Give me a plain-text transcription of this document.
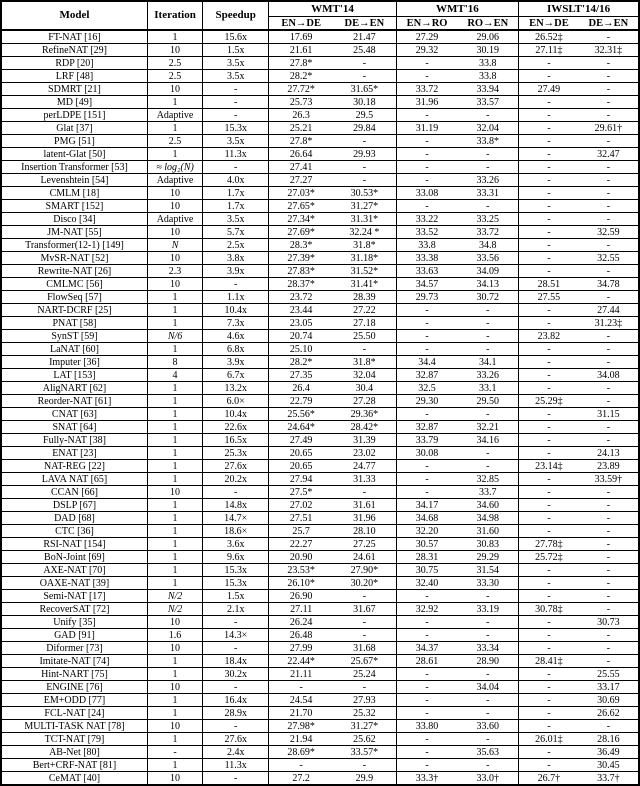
Model	Iteration	Speedup	WMT'14		WMT'16		IWSLT'14/16	
			EN→DE	DE→EN	EN→RO	RO→EN	EN→DE	DE→EN
FT-NAT [16]	1	15.6x	17.69	21.47	27.29	29.06	26.52‡	-
RefineNAT [29]	10	1.5x	21.61	25.48	29.32	30.19	27.11‡	32.31‡
RDP [20]	2.5	3.5x	27.8*	-	-	33.8	-	-
LRF [48]	2.5	3.5x	28.2*	-	-	33.8	-	-
SDMRT [21]	10	-	27.72*	31.65*	33.72	33.94	27.49	-
MD [49]	1	-	25.73	30.18	31.96	33.57	-	-
perLDPE [151]	Adaptive	-	26.3	29.5	-	-	-	-
Glat [37]	1	15.3x	25.21	29.84	31.19	32.04	-	29.61†
PMG [51]	2.5	3.5x	27.8*	-	-	33.8*	-	-
latent-Glat [50]	1	11.3x	26.64	29.93	-	-	-	32.47
Insertion Transformer [53]	≈ log₂(N)	-	27.41	-	-	-	-	-
Levenshtein [54]	Adaptive	4.0x	27.27	-	-	33.26	-	-
CMLM [18]	10	1.7x	27.03*	30.53*	33.08	33.31	-	-
SMART [152]	10	1.7x	27.65*	31.27*	-	-	-	-
Disco [34]	Adaptive	3.5x	27.34*	31.31*	33.22	33.25	-	-
JM-NAT [55]	10	5.7x	27.69*	32.24 *	33.52	33.72	-	32.59
Transformer(12-1) [149]	N	2.5x	28.3*	31.8*	33.8	34.8	-	-
MvSR-NAT [52]	10	3.8x	27.39*	31.18*	33.38	33.56	-	32.55
Rewrite-NAT [26]	2.3	3.9x	27.83*	31.52*	33.63	34.09	-	-
CMLMC [56]	10	-	28.37*	31.41*	34.57	34.13	28.51	34.78
FlowSeq [57]	1	1.1x	23.72	28.39	29.73	30.72	27.55	-
NART-DCRF [25]	1	10.4x	23.44	27.22	-	-	-	27.44
PNAT [58]	1	7.3x	23.05	27.18	-	-	-	31.23‡
SynST [59]	N/6	4.6x	20.74	25.50	-	-	23.82	-
LaNAT [60]	1	6.8x	25.10	-	-	-	-	-
Imputer [36]	8	3.9x	28.2*	31.8*	34.4	34.1	-	-
LAT [153]	4	6.7x	27.35	32.04	32.87	33.26	-	34.08
AligNART [62]	1	13.2x	26.4	30.4	32.5	33.1	-	-
Reorder-NAT [61]	1	6.0×	22.79	27.28	29.30	29.50	25.29‡	-
CNAT [63]	1	10.4x	25.56*	29.36*	-	-	-	31.15
SNAT [64]	1	22.6x	24.64*	28.42*	32.87	32.21	-	-
Fully-NAT [38]	1	16.5x	27.49	31.39	33.79	34.16	-	-
ENAT [23]	1	25.3x	20.65	23.02	30.08	-	-	24.13
NAT-REG [22]	1	27.6x	20.65	24.77	-	-	23.14‡	23.89
LAVA NAT [65]	1	20.2x	27.94	31.33	-	32.85	-	33.59†
CCAN [66]	10	-	27.5*	-	-	33.7	-	-
DSLP [67]	1	14.8x	27.02	31.61	34.17	34.60	-	-
DAD [68]	1	14.7×	27.51	31.96	34.68	34.98	-	-
CTC [36]	1	18.6×	25.7	28.10	32.20	31.60	-	-
RSI-NAT [154]	1	3.6x	22.27	27.25	30.57	30.83	27.78‡	-
BoN-Joint [69]	1	9.6x	20.90	24.61	28.31	29.29	25.72‡	-
AXE-NAT [70]	1	15.3x	23.53*	27.90*	30.75	31.54	-	-
OAXE-NAT [39]	1	15.3x	26.10*	30.20*	32.40	33.30	-	-
Semi-NAT [17]	N/2	1.5x	26.90	-	-	-	-	-
RecoverSAT [72]	N/2	2.1x	27.11	31.67	32.92	33.19	30.78‡	-
Unify [35]	10	-	26.24	-	-	-	-	30.73
GAD [91]	1.6	14.3×	26.48	-	-	-	-	-
Diformer [73]	10	-	27.99	31.68	34.37	33.34	-	-
Imitate-NAT [74]	1	18.4x	22.44*	25.67*	28.61	28.90	28.41‡	-
Hint-NART [75]	1	30.2x	21.11	25.24	-	-	-	25.55
ENGINE [76]	10	-	-	-	-	34.04	-	33.17
EM+ODD [77]	1	16.4x	24.54	27.93	-	-	-	30.69
FCL-NAT [24]	1	28.9x	21.70	25.32	-	-	-	26.62
MULTI-TASK NAT [78]	10	-	27.98*	31.27*	33.80	33.60	-	-
TCT-NAT [79]	1	27.6x	21.94	25.62	-	-	26.01‡	28.16
AB-Net [80]	-	2.4x	28.69*	33.57*	-	35.63	-	36.49
Bert+CRF-NAT [81]	1	11.3x	-	-	-	-	-	30.45
CeMAT [40]	10	-	27.2	29.9	33.3†	33.0†	26.7†	33.7†
